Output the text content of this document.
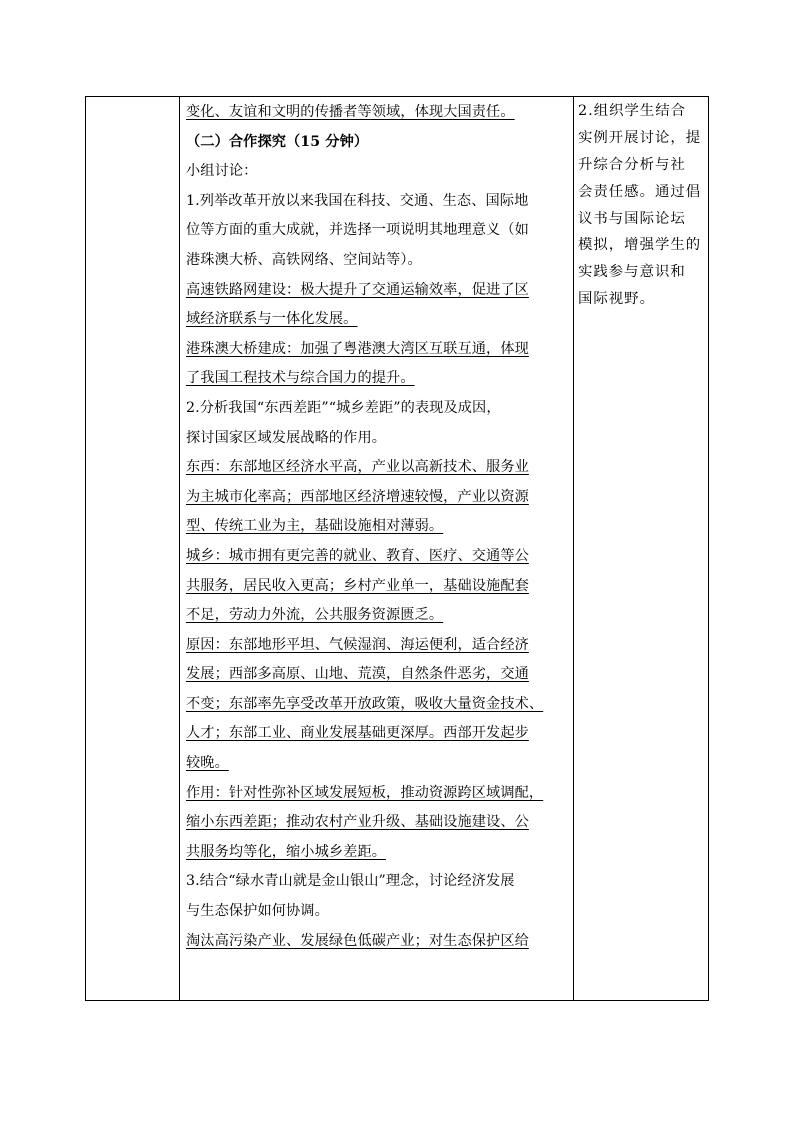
变化、友谊和文明的传播者等领域，体现大国责任。
（二）合作探究（15 分钟）
小组讨论：
1.列举改革开放以来我国在科技、交通、生态、国际地
位等方面的重大成就，并选择一项说明其地理意义（如
港珠澳大桥、高铁网络、空间站等）。
高速铁路网建设：极大提升了交通运输效率，促进了区
域经济联系与一体化发展。
港珠澳大桥建成：加强了粤港澳大湾区互联互通，体现
了我国工程技术与综合国力的提升。
2.分析我国“东西差距”“城乡差距”的表现及成因，
探讨国家区域发展战略的作用。
东西：东部地区经济水平高，产业以高新技术、服务业
为主城市化率高；西部地区经济增速较慢，产业以资源
型、传统工业为主，基础设施相对薄弱。
城乡：城市拥有更完善的就业、教育、医疗、交通等公
共服务，居民收入更高；乡村产业单一，基础设施配套
不足，劳动力外流，公共服务资源匮乏。
原因：东部地形平坦、气候湿润、海运便利，适合经济
发展；西部多高原、山地、荒漠，自然条件恶劣，交通
不变；东部率先享受改革开放政策，吸收大量资金技术、
人才；东部工业、商业发展基础更深厚。西部开发起步
较晚。
作用：针对性弥补区域发展短板，推动资源跨区域调配，
缩小东西差距；推动农村产业升级、基础设施建设、公
共服务均等化，缩小城乡差距。
3.结合“绿水青山就是金山银山”理念，讨论经济发展
与生态保护如何协调。
淘汰高污染产业、发展绿色低碳产业；对生态保护区给
2.组织学生结合
实例开展讨论，提
升综合分析与社
会责任感。通过倡
议书与国际论坛
模拟，增强学生的
实践参与意识和
国际视野。
